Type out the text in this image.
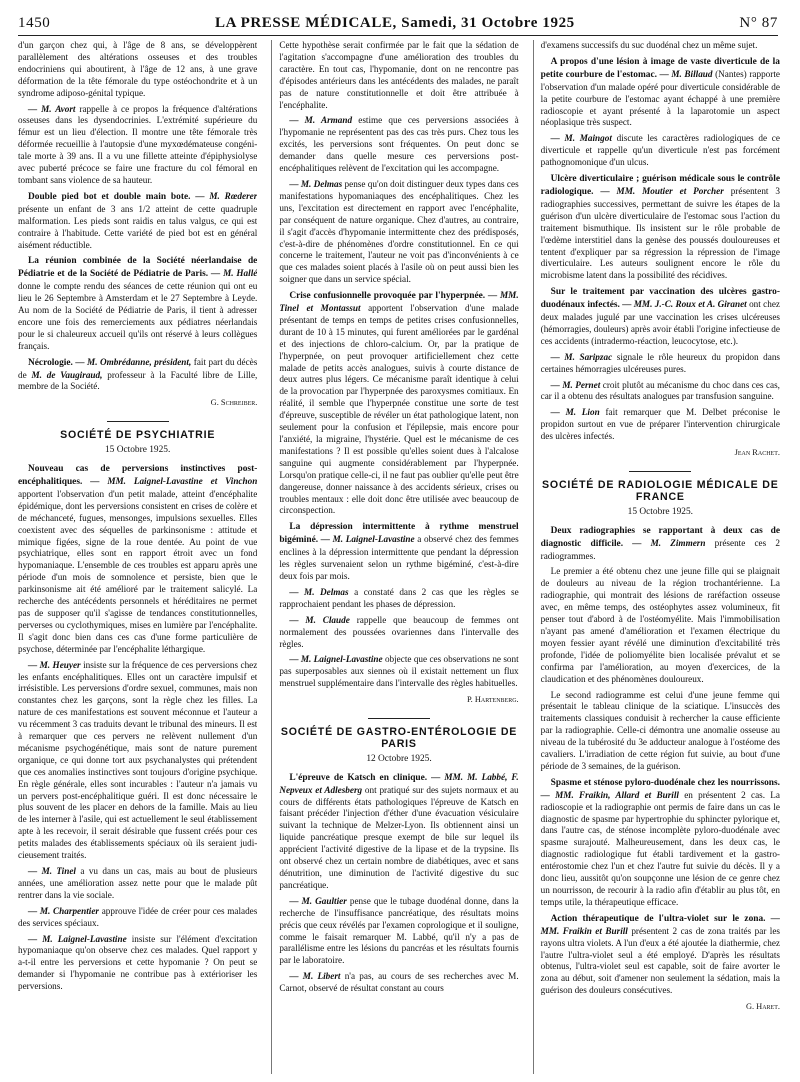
1450	LA PRESSE MÉDICALE, Samedi, 31 Octobre 1925	N° 87

d'un garçon chez qui, à l'âge de 8 ans, se développèrent parallèlement des altérations osseuses et des troubles endocriniens qui aboutirent, à l'âge de 12 ans, à une grave déformation de la tête fémorale du type ostéochondrite et à un syndrome adiposo-génital typique.

— M. Avort rappelle à ce propos la fréquence d'altérations osseuses dans les dysendocrinies. L'extrémité supérieure du fémur est un lieu d'élection. Il montre une tête fémorale très déformée recueillie à l'autopsie d'une myxœdémateuse congénitale morte à 39 ans. Il a vu une fillette atteinte d'épiphysiolyse avec puberté précoce se faire une fracture du col fémoral en tombant sans violence de sa hauteur.

Double pied bot et double main bote. — M. Rœderer présente un enfant de 3 ans 1/2 atteint de cette quadruple malformation. Les pieds sont raidis en talus valgus, ce qui est contraire à l'habitude. Cette variété de pied bot est en général aisément réductible.

La réunion combinée de la Société néerlandaise de Pédiatrie et de la Société de Pédiatrie de Paris. — M. Hallé donne le compte rendu des séances de cette réunion qui ont eu lieu le 26 Septembre à Amsterdam et le 27 Septembre à Leyde. Au nom de la Société de Pédiatrie de Paris, il tient à adresser encore une fois des remerciements aux pédiatres néerlandais pour le si chaleureux accueil qu'ils ont réservé à leurs collègues français.

Nécrologie. — M. Ombrédanne, président, fait part du décès de M. de Vaugiraud, professeur à la Faculté libre de Lille, membre de la Société.

G. Schreiber.

SOCIÉTÉ DE PSYCHIATRIE
15 Octobre 1925.

Nouveau cas de perversions instinctives post-encéphalitiques. — MM. Laignel-Lavastine et Vinchon apportent l'observation d'un petit malade, atteint d'encéphalite épidémique, dont les perversions consistent en crises de colère et de méchanceté, fugues, mensonges, impulsions sexuelles. Elles coexistent avec des séquelles de parkinsonisme : attitude et mimique figées, signe de la roue dentée. Au point de vue psychiatrique, elles sont en rapport étroit avec un fond hypomaniaque. L'ensemble de ces troubles est apparu après une période d'un mois de somnolence et persiste, bien que le parkinsonisme ait été amélioré par le traitement salicylé. La recherche des antécédents personnels et héréditaires ne permet pas de supposer qu'il s'agisse de tendances constitutionnelles, perverses ou cyclothymiques, mises en lumière par l'encéphalite. Il s'agit donc bien dans ces cas d'une forme particulière de psychose, déterminée par l'encéphalite léthargique.

— M. Heuyer insiste sur la fréquence de ces perversions chez les enfants encéphalitiques. Elles ont un caractère impulsif et irrésistible. Les perversions d'ordre sexuel, communes, mais non constantes chez les garçons, sont la règle chez les filles. La nature de ces manifestations est souvent méconnue et l'auteur a vu récemment 3 cas traduits devant le tribunal des mineurs. Il est à remarquer que ces pervers ne relèvent nullement d'un mécanisme psychogénétique, mais sont de nature purement organique, ce qui donne tort aux psychanalystes qui prétendent que ces anomalies instinctives sont toujours d'origine psychique. En règle générale, elles sont incurables : l'auteur n'a jamais vu un pervers post-encéphalitique guéri. Il est donc nécessaire le plus souvent de les placer en dehors de la famille. Mais au lieu de les interner à l'asile, qui est actuellement le seul établissement apte à les recevoir, il serait désirable que fussent créés pour ces petits malades des établissements spéciaux où ils seraient judicieusement traités.

— M. Tinel a vu dans un cas, mais au bout de plusieurs années, une amélioration assez nette pour que le malade pût rentrer dans la vie sociale.

— M. Charpentier approuve l'idée de créer pour ces malades des services spéciaux.

— M. Laignel-Lavastine insiste sur l'élément d'excitation hypomaniaque qu'on observe chez ces malades. Quel rapport y a-t-il entre les perversions et cette hypomanie ? On peut se demander si l'hypomanie ne contribue pas à extérioriser les perversions.

Cette hypothèse serait confirmée par le fait que la sédation de l'agitation s'accompagne d'une amélioration des troubles du caractère. En tout cas, l'hypomanie, dont on ne rencontre pas d'épisodes antérieurs dans les antécédents des malades, ne paraît pas de nature constitutionnelle et doit être attribuée à l'encéphalite.

— M. Armand estime que ces perversions associées à l'hypomanie ne représentent pas des cas très purs. Chez tous les excités, les perversions sont fréquentes. On peut donc se demander dans quelle mesure ces perversions post-encéphalitiques relèvent de l'excitation qui les accompagne.

— M. Delmas pense qu'on doit distinguer deux types dans ces manifestations hypomaniaques des encéphalitiques. Chez les uns, l'excitation est directement en rapport avec l'encéphalite, par conséquent de nature organique. Chez d'autres, au contraire, il s'agit d'accès d'hypomanie intermittente chez des prédisposés, c'est-à-dire de phénomènes d'ordre constitutionnel. En ce qui concerne le traitement, l'auteur ne voit pas d'inconvénients à ce que ces malades soient placés à l'asile où on peut aussi bien les soigner que dans un service spécial.

Crise confusionnelle provoquée par l'hyperpnée. — MM. Tinel et Montassut apportent l'observation d'une malade présentant de temps en temps de petites crises confusionnelles, durant de 10 à 15 minutes, qui furent améliorées par le gardénal et des injections de chloro-calcium. Or, par la pratique de l'hyperpnée, on peut provoquer artificiellement chez cette malade de petits accès analogues, suivis à courte distance de deux autres plus légers. Ce mécanisme paraît identique à celui de la provocation par l'hyperpnée des paroxysmes comitiaux. En réalité, il semble que l'hyperpnée constitue une sorte de test d'épreuve, susceptible de révéler un état pathologique latent, non seulement pour la confusion et l'épilepsie, mais encore pour l'anxiété, la migraine, l'hystérie. Quel est le mécanisme de ces manifestations ? Il est possible qu'elles soient dues à l'alcalose sanguine qui augmente considérablement par l'hyperpnée. Lorsqu'on pratique celle-ci, il ne faut pas oublier qu'elle peut être dangereuse, donner naissance à des accidents sérieux, crises ou troubles mentaux : elle doit donc être utilisée avec beaucoup de circonspection.

La dépression intermittente à rythme menstruel bigéminé. — M. Laignel-Lavastine a observé chez des femmes enclines à la dépression intermittente que pendant la dépression les règles survenaient selon un rythme bigéminé, c'est-à-dire deux fois par mois.

— M. Delmas a constaté dans 2 cas que les règles se rapprochaient pendant les phases de dépression.

— M. Claude rappelle que beaucoup de femmes ont normalement des poussées ovariennes dans l'intervalle des règles.

— M. Laignel-Lavastine objecte que ces observations ne sont pas superposables aux siennes où il existait nettement un flux menstruel supplémentaire dans l'intervalle des règles habituelles.

P. Hartenberg.

SOCIÉTÉ DE GASTRO-ENTÉROLOGIE DE PARIS
12 Octobre 1925.

L'épreuve de Katsch en clinique. — MM. M. Labbé, F. Nepveux et Adlesberg ont pratiqué sur des sujets normaux et au cours de différents états pathologiques l'épreuve de Katsch en faisant précéder l'injection d'éther d'une évacuation vésiculaire suivant la technique de Melzer-Lyon. Ils obtiennent ainsi un liquide pancréatique presque exempt de bile sur lequel ils apprécient l'activité digestive de la lipase et de la trypsine. Ils ont observé chez un certain nombre de diabétiques, avec et sans dénutrition, une diminution de l'activité digestive du suc pancréatique.

— M. Gaultier pense que le tubage duodénal donne, dans la recherche de l'insuffisance pancréatique, des résultats moins précis que ceux révélés par l'examen coprologique et il souligne, comme le faisait remarquer M. Labbé, qu'il n'y a pas de parallélisme entre les lésions du pancréas et les résultats fournis par le laboratoire.

— M. Libert n'a pas, au cours de ses recherches avec M. Carnot, observé de résultat constant au cours

d'examens successifs du suc duodénal chez un même sujet.

A propos d'une lésion à image de vaste diverticule de la petite courbure de l'estomac. — M. Billaud (Nantes) rapporte l'observation d'un malade opéré pour diverticule considérable de la petite courbure de l'estomac ayant échappé à une première radioscopie et ayant présenté à la laparotomie un aspect néoplasique très suspect.

— M. Maingot discute les caractères radiologiques de ce diverticule et rappelle qu'un diverticule n'est pas forcément pathognomonique d'un ulcus.

Ulcère diverticulaire ; guérison médicale sous le contrôle radiologique. — MM. Moutier et Porcher présentent 3 radiographies successives, permettant de suivre les étapes de la guérison d'un ulcère diverticulaire de l'estomac sous l'action du traitement bismuthique. Ils insistent sur le rôle probable de l'œdème interstitiel dans la genèse des poussés douloureuses et tentent d'expliquer par sa régression la répression de l'image diverticulaire. Les auteurs soulignent encore le rôle du microbisme latent dans la possibilité des récidives.

Sur le traitement par vaccination des ulcères gastro-duodénaux infectés. — MM. J.-C. Roux et A. Giranet ont chez deux malades jugulé par une vaccination les crises ulcéreuses (hémorragies, douleurs) après avoir établi l'origine infectieuse de ces accidents (intradermo-réaction, leucocytose, etc.).

— M. Saripzac signale le rôle heureux du propidon dans certaines hémorragies ulcéreuses pures.

— M. Pernet croit plutôt au mécanisme du choc dans ces cas, car il a obtenu des résultats analogues par transfusion sanguine.

— M. Lion fait remarquer que M. Delbet préconise le propidon surtout en vue de préparer l'intervention chirurgicale des ulcères infectés.

Jean Rachet.

SOCIÉTÉ DE RADIOLOGIE MÉDICALE DE FRANCE
15 Octobre 1925.

Deux radiographies se rapportant à deux cas de diagnostic difficile. — M. Zimmern présente ces 2 radiogrammes.

Le premier a été obtenu chez une jeune fille qui se plaignait de douleurs au niveau de la région trochantérienne. La radiographie, qui montrait des lésions de raréfaction osseuse avec, en même temps, des ostéophytes assez volumineux, fit penser tout d'abord à de l'ostéomyélite. Mais l'immobilisation n'ayant pas amené d'amélioration et l'examen électrique du moyen fessier ayant révélé une diminution d'excitabilité très profonde, l'idée de poliomyélite bien localisée prévalut et se confirma par l'amélioration, au moyen d'exercices, de la claudication et des phénomènes douloureux.

Le second radiogramme est celui d'une jeune femme qui présentait le tableau clinique de la sciatique. L'insuccès des traitements classiques conduisit à rechercher la cause efficiente par la radiographie. Celle-ci démontra une anomalie osseuse au niveau de la tubérosité du 3e adducteur analogue à l'ostéome des cavaliers. L'irradiation de cette région fut suivie, au bout d'une période de 3 semaines, de la guérison.

Spasme et sténose pyloro-duodénale chez les nourrissons. — MM. Fraikin, Allard et Burill en présentent 2 cas. La radioscopie et la radiographie ont permis de faire dans un cas le diagnostic de spasme par hypertrophie du sphincter pylorique et, dans l'autre cas, de sténose incomplète pyloro-duodénale avec spasme surajouté. Malheureusement, dans les deux cas, le diagnostic radiologique fut établi tardivement et la gastro-entérostomie chez l'un et chez l'autre fut suivie du décès. Il y a donc lieu, aussitôt qu'on soupçonne une lésion de ce genre chez un nourrisson, de recourir à la radio afin d'établir au plus tôt, en temps utile, la thérapeutique efficace.

Action thérapeutique de l'ultra-violet sur le zona. — MM. Fraikin et Burill présentent 2 cas de zona traités par les rayons ultra violets. A l'un d'eux a été ajoutée la diathermie, chez l'autre l'ultra-violet seul a été employé. D'après les résultats obtenus, l'ultra-violet seul est capable, soit de faire avorter le zona au début, soit d'amener non seulement la sédation, mais la guérison des douleurs consécutives.

G. Haret.
